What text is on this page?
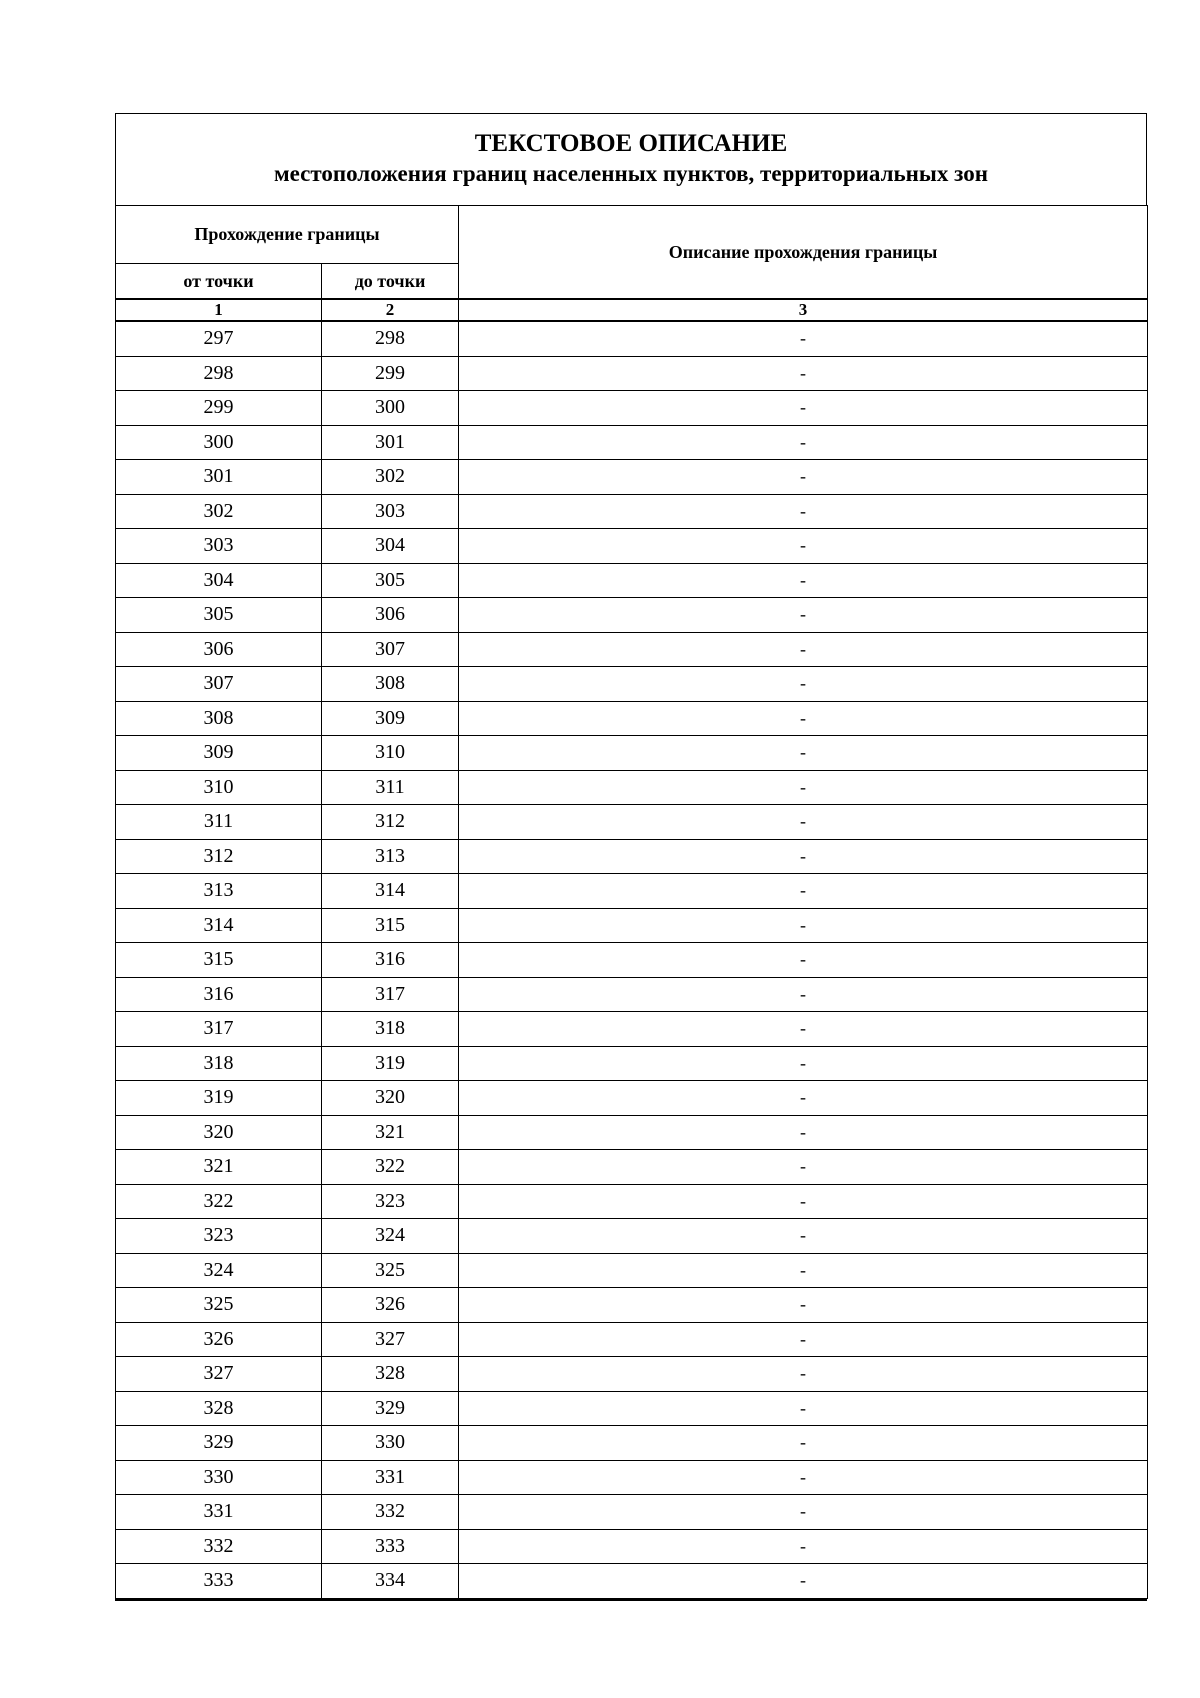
ТЕКСТОВОЕ ОПИСАНИЕ
местоположения границ населенных пунктов, территориальных зон
Прохождение границы		Описание прохождения границы
от точки	до точки	
1	2	3
297	298	-
298	299	-
299	300	-
300	301	-
301	302	-
302	303	-
303	304	-
304	305	-
305	306	-
306	307	-
307	308	-
308	309	-
309	310	-
310	311	-
311	312	-
312	313	-
313	314	-
314	315	-
315	316	-
316	317	-
317	318	-
318	319	-
319	320	-
320	321	-
321	322	-
322	323	-
323	324	-
324	325	-
325	326	-
326	327	-
327	328	-
328	329	-
329	330	-
330	331	-
331	332	-
332	333	-
333	334	-
